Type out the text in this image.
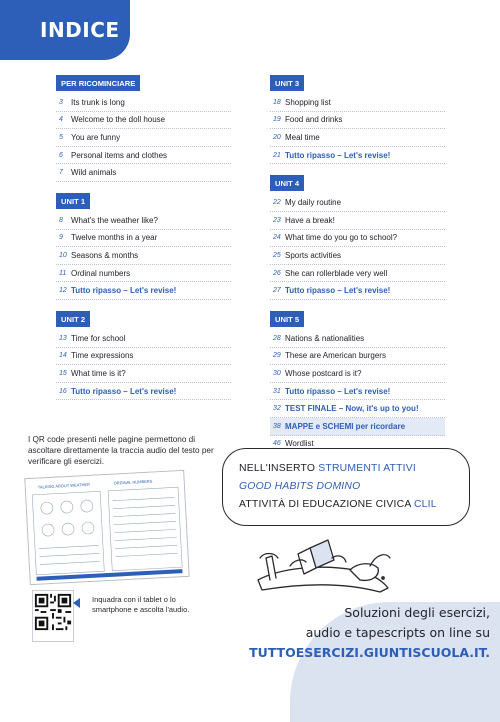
INDICE
PER RICOMINCIARE
3	Its trunk is long
4	Welcome to the doll house
5	You are funny
6	Personal items and clothes
7	Wild animals
UNIT 1
8	What's the weather like?
9	Twelve months in a year
10 Seasons & months
11 Ordinal numbers
12 Tutto ripasso – Let's revise!
UNIT 2
13 Time for school
14 Time expressions
15 What time is it?
16 Tutto ripasso – Let's revise!
UNIT 3
18 Shopping list
19 Food and drinks
20 Meal time
21 Tutto ripasso – Let's revise!
UNIT 4
22 My daily routine
23 Have a break!
24 What time do you go to school?
25 Sports activities
26 She can rollerblade very well
27 Tutto ripasso – Let's revise!
UNIT 5
28 Nations & nationalities
29 These are American burgers
30 Whose postcard is it?
31 Tutto ripasso – Let's revise!
32 TEST FINALE – Now, it's up to you!
38 MAPPE e SCHEMI per ricordare
46 Wordlist
I QR code presenti nelle pagine permettono di ascoltare direttamente la traccia audio del testo per verificare gli esercizi.
TALKING ABOUT WEATHER	ORDINAL NUMBERS
Inquadra con il tablet o lo smartphone e ascolta l'audio.
NELL'INSERTO STRUMENTI ATTIVI
GOOD HABITS DOMINO
ATTIVITÀ DI EDUCAZIONE CIVICA CLIL
Soluzioni degli esercizi,
audio e tapescripts on line su
TUTTOESERCIZI.GIUNTISCUOLA.IT.
